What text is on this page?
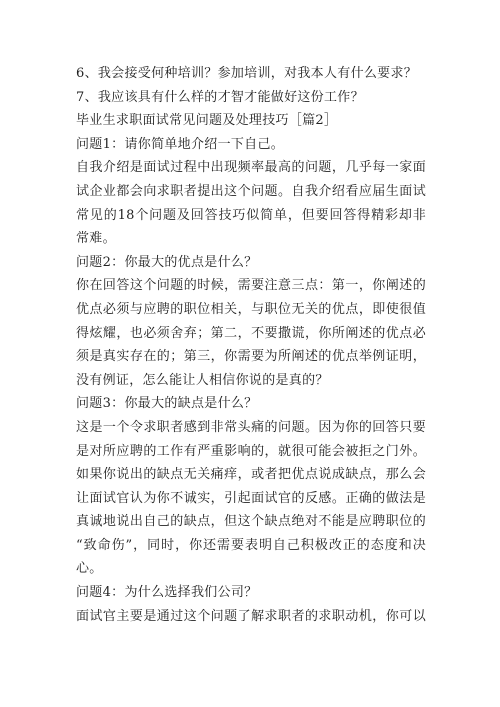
6、我会接受何种培训？参加培训，对我本人有什么要求？
7、我应该具有什么样的才智才能做好这份工作？
毕业生求职面试常见问题及处理技巧［篇2］
问题1：请你简单地介绍一下自己。
自我介绍是面试过程中出现频率最高的问题，几乎每一家面
试企业都会向求职者提出这个问题。自我介绍看应届生面试
常见的18个问题及回答技巧似简单，但要回答得精彩却非
常难。
问题2：你最大的优点是什么？
你在回答这个问题的时候，需要注意三点：第一，你阐述的
优点必须与应聘的职位相关，与职位无关的优点，即使很值
得炫耀，也必须舍弃；第二，不要撒谎，你所阐述的优点必
须是真实存在的；第三，你需要为所阐述的优点举例证明，
没有例证，怎么能让人相信你说的是真的？
问题3：你最大的缺点是什么？
这是一个令求职者感到非常头痛的问题。因为你的回答只要
是对所应聘的工作有严重影响的，就很可能会被拒之门外。
如果你说出的缺点无关痛痒，或者把优点说成缺点，那么会
让面试官认为你不诚实，引起面试官的反感。正确的做法是
真诚地说出自己的缺点，但这个缺点绝对不能是应聘职位的
“致命伤”，同时，你还需要表明自己积极改正的态度和决
心。
问题4：为什么选择我们公司？
面试官主要是通过这个问题了解求职者的求职动机，你可以
